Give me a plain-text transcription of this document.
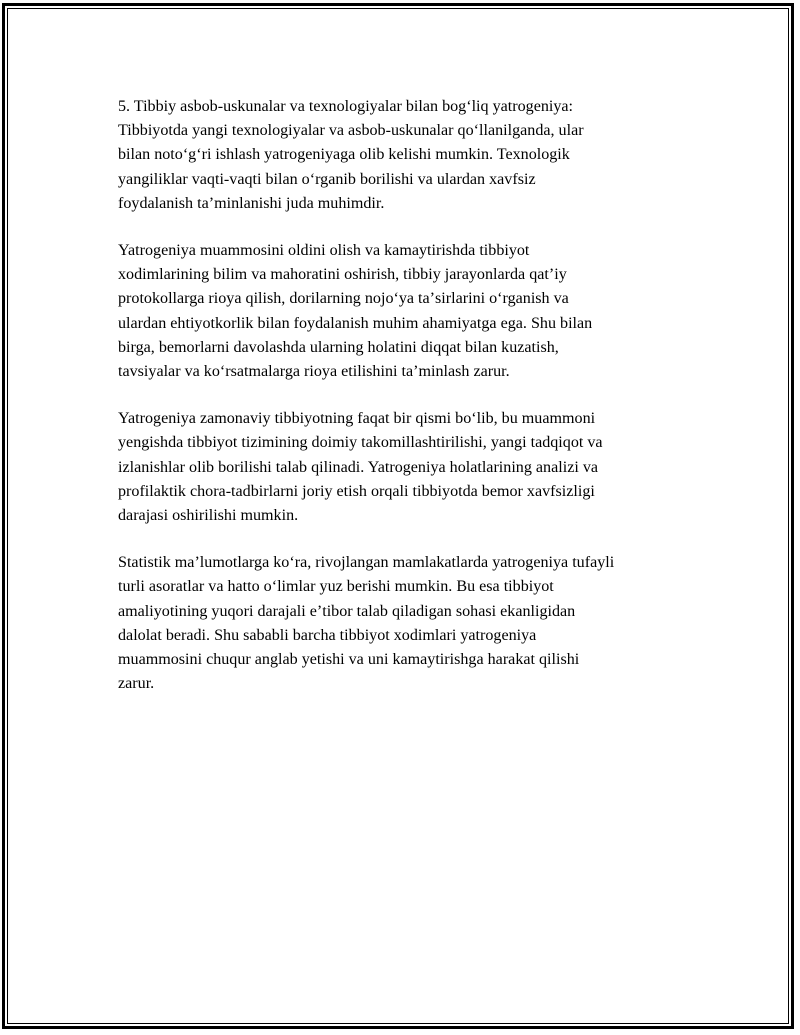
5. Tibbiy asbob-uskunalar va texnologiyalar bilan bogʻliq yatrogeniya:
Tibbiyotda yangi texnologiyalar va asbob-uskunalar qoʻllanilganda, ular
bilan notoʻgʻri ishlash yatrogeniyaga olib kelishi mumkin. Texnologik
yangiliklar vaqti-vaqti bilan oʻrganib borilishi va ulardan xavfsiz
foydalanish taʼminlanishi juda muhimdir.

Yatrogeniya muammosini oldini olish va kamaytirishda tibbiyot
xodimlarining bilim va mahoratini oshirish, tibbiy jarayonlarda qatʼiy
protokollarga rioya qilish, dorilarning nojoʻya taʼsirlarini oʻrganish va
ulardan ehtiyotkorlik bilan foydalanish muhim ahamiyatga ega. Shu bilan
birga, bemorlarni davolashda ularning holatini diqqat bilan kuzatish,
tavsiyalar va koʻrsatmalarga rioya etilishini taʼminlash zarur.

Yatrogeniya zamonaviy tibbiyotning faqat bir qismi boʻlib, bu muammoni
yengishda tibbiyot tizimining doimiy takomillashtirilishi, yangi tadqiqot va
izlanishlar olib borilishi talab qilinadi. Yatrogeniya holatlarining analizi va
profilaktik chora-tadbirlarni joriy etish orqali tibbiyotda bemor xavfsizligi
darajasi oshirilishi mumkin.

Statistik maʼlumotlarga koʻra, rivojlangan mamlakatlarda yatrogeniya tufayli
turli asoratlar va hatto oʻlimlar yuz berishi mumkin. Bu esa tibbiyot
amaliyotining yuqori darajali eʼtibor talab qiladigan sohasi ekanligidan
dalolat beradi. Shu sababli barcha tibbiyot xodimlari yatrogeniya
muammosini chuqur anglab yetishi va uni kamaytirishga harakat qilishi
zarur.
